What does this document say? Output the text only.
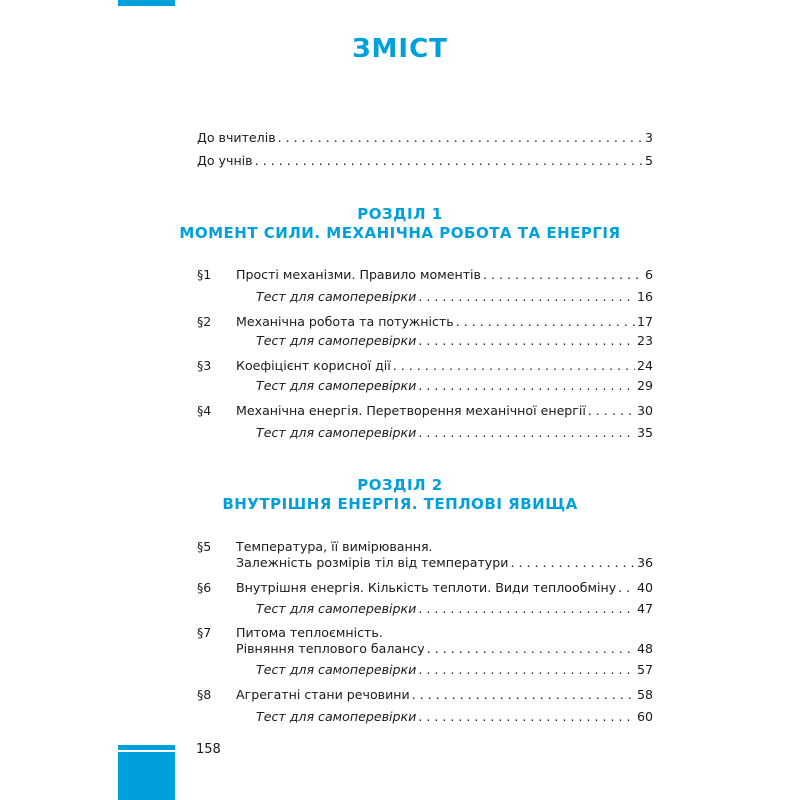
ЗМІСТ
До вчителів . . .	3
До учнів . . .	5
РОЗДІЛ 1
МОМЕНТ СИЛИ. МЕХАНІЧНА РОБОТА ТА ЕНЕРГІЯ
§1 Прості механізми. Правило моментів . . .	6
Тест для самоперевірки . . .	16
§2 Механічна робота та потужність . . .	17
Тест для самоперевірки . . .	23
§3 Коефіцієнт корисної дії . . .	24
Тест для самоперевірки . . .	29
§4 Механічна енергія. Перетворення механічної енергії . . .	30
Тест для самоперевірки . . .	35
РОЗДІЛ 2
ВНУТРІШНЯ ЕНЕРГІЯ. ТЕПЛОВІ ЯВИЩА
§5 Температура, її вимірювання.
Залежність розмірів тіл від температури . . .	36
§6 Внутрішня енергія. Кількість теплоти. Види теплообміну . . . 40
Тест для самоперевірки . . .	47
§7 Питома теплоємність.
Рівняння теплового балансу . . .	48
Тест для самоперевірки . . .	57
§8 Агрегатні стани речовини . . .	58
Тест для самоперевірки . . .	60
158
